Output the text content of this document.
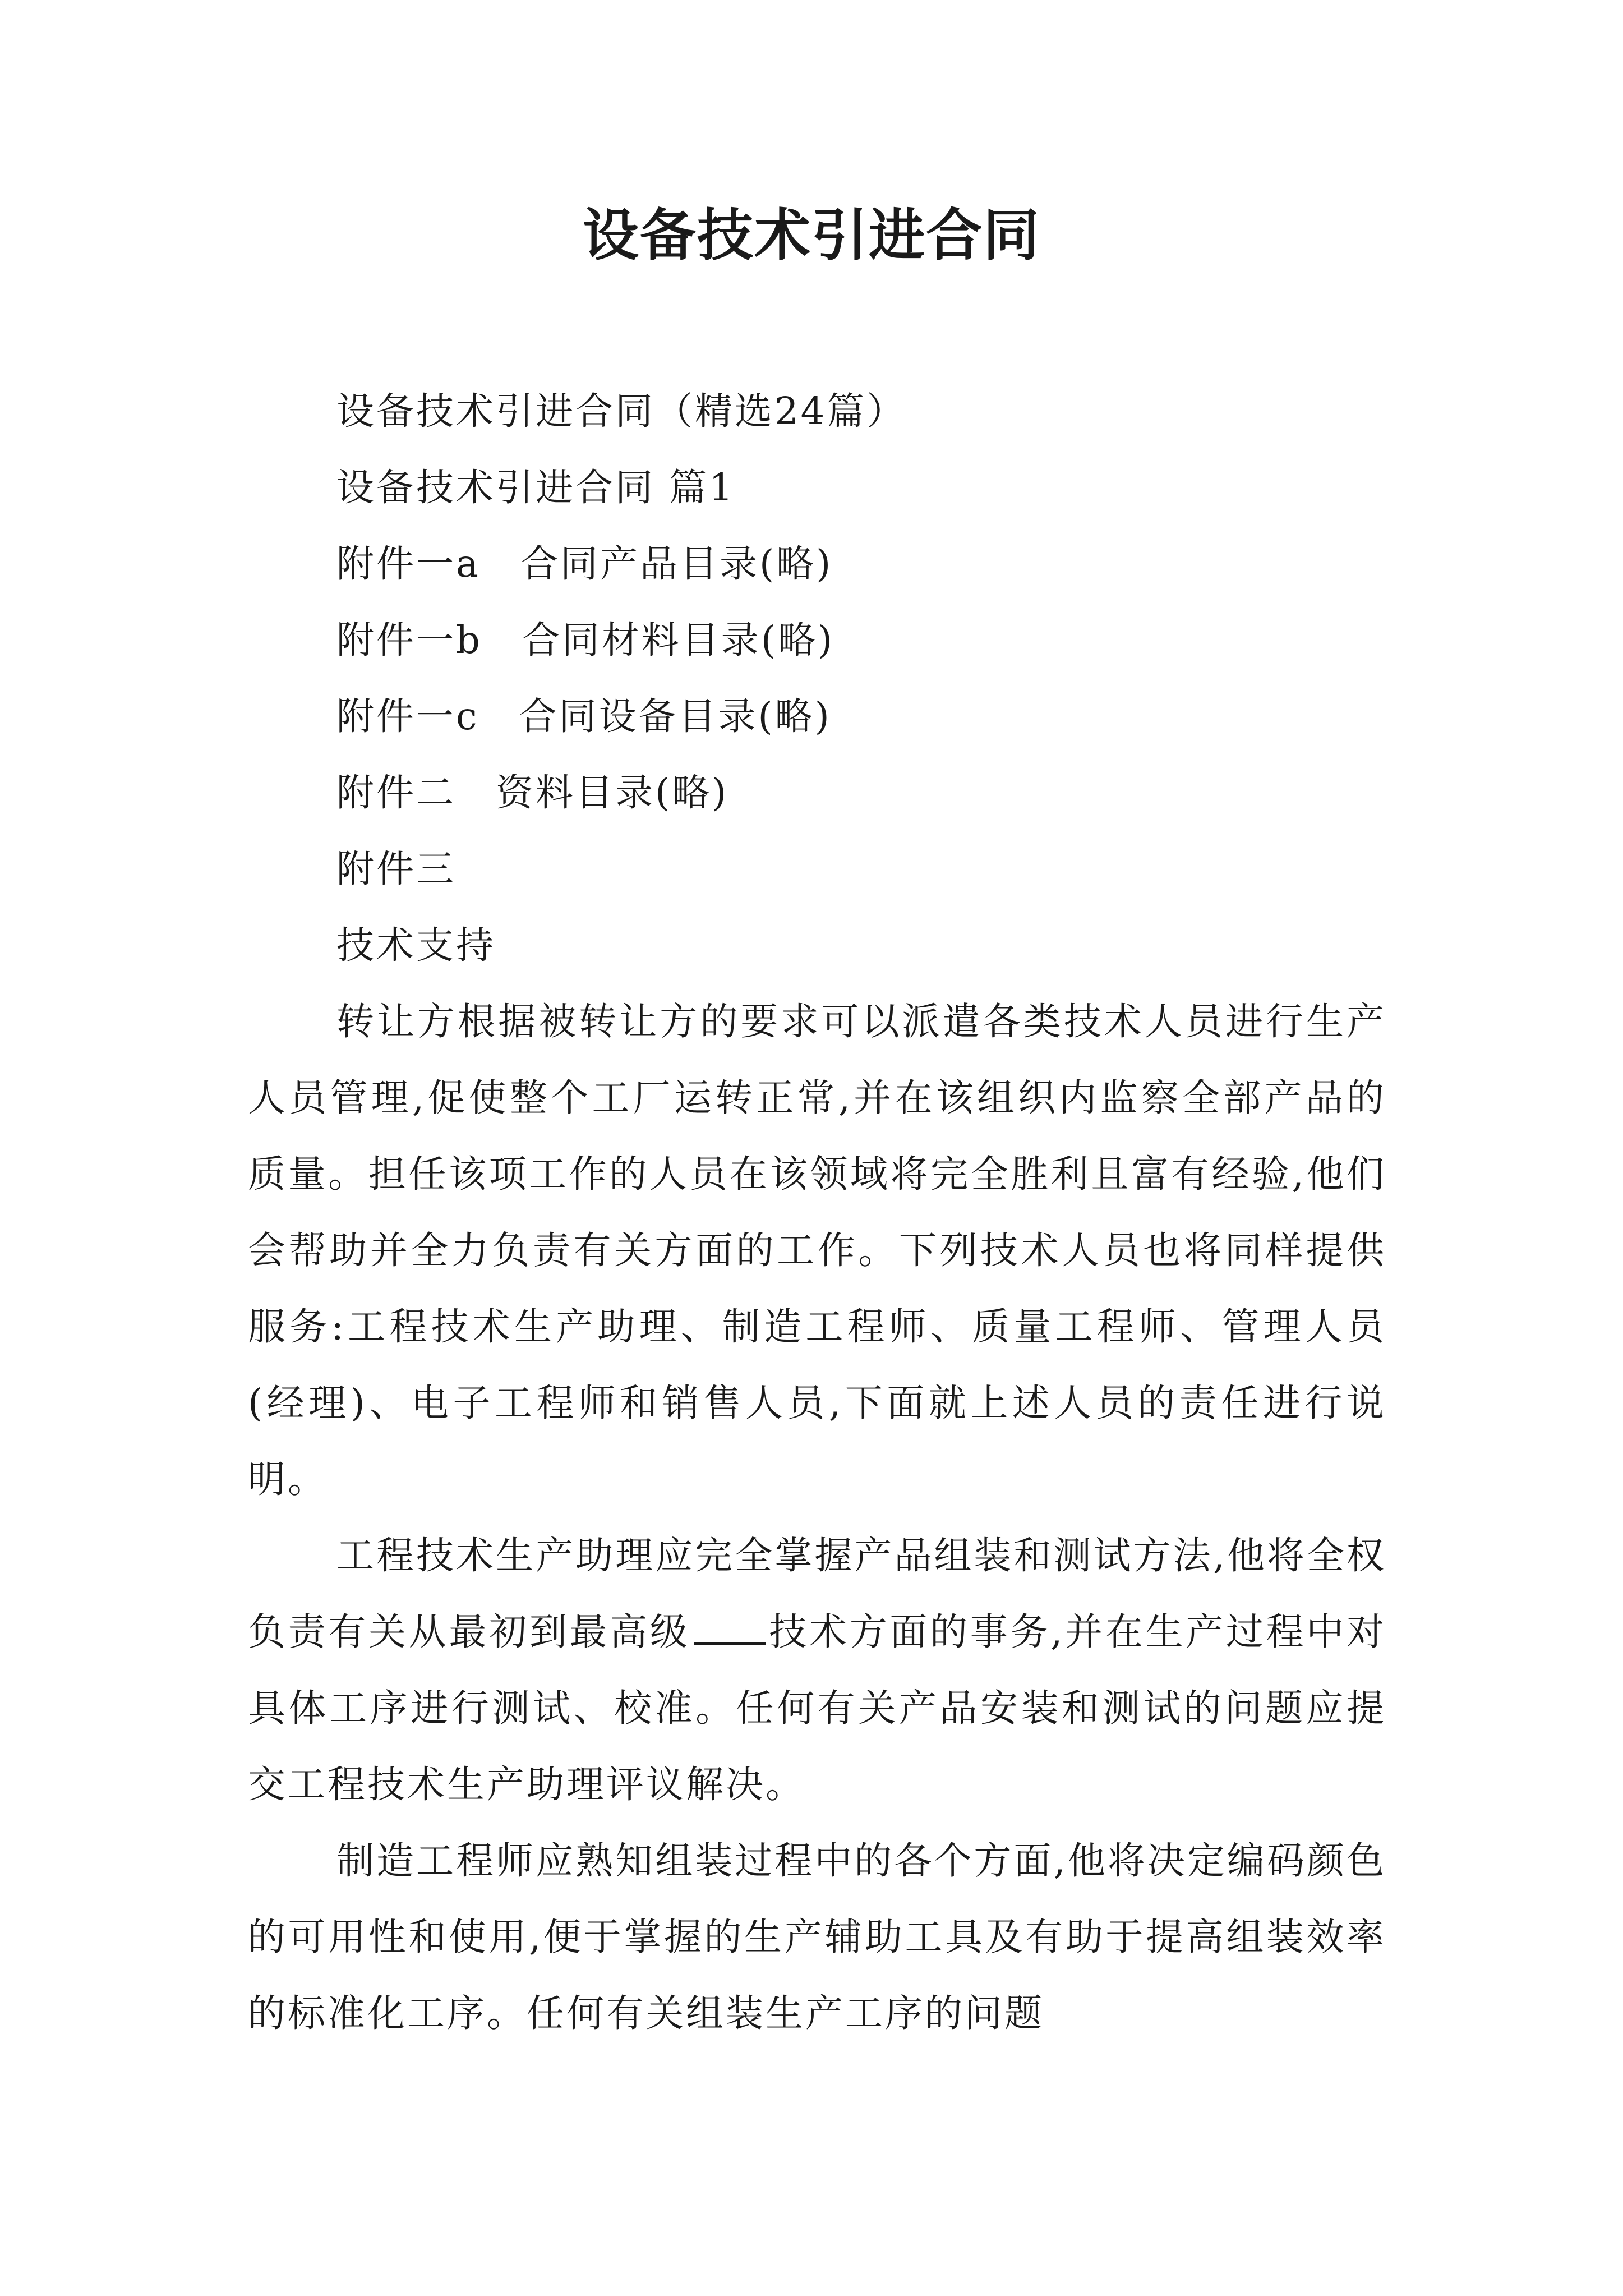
设备技术引进合同

设备技术引进合同（精选24篇）

设备技术引进合同 篇1

附件一a　合同产品目录(略)

附件一b　合同材料目录(略)

附件一c　合同设备目录(略)

附件二　资料目录(略)

附件三

技术支持

转让方根据被转让方的要求可以派遣各类技术人员进行生产人员管理,促使整个工厂运转正常,并在该组织内监察全部产品的质量。担任该项工作的人员在该领域将完全胜利且富有经验,他们会帮助并全力负责有关方面的工作。下列技术人员也将同样提供服务:工程技术生产助理、制造工程师、质量工程师、管理人员(经理)、电子工程师和销售人员,下面就上述人员的责任进行说明。

工程技术生产助理应完全掌握产品组装和测试方法,他将全权负责有关从最初到最高级 技术方面的事务,并在生产过程中对具体工序进行测试、校准。任何有关产品安装和测试的问题应提交工程技术生产助理评议解决。

制造工程师应熟知组装过程中的各个方面,他将决定编码颜色的可用性和使用,便于掌握的生产辅助工具及有助于提高组装效率的标准化工序。任何有关组装生产工序的问题
